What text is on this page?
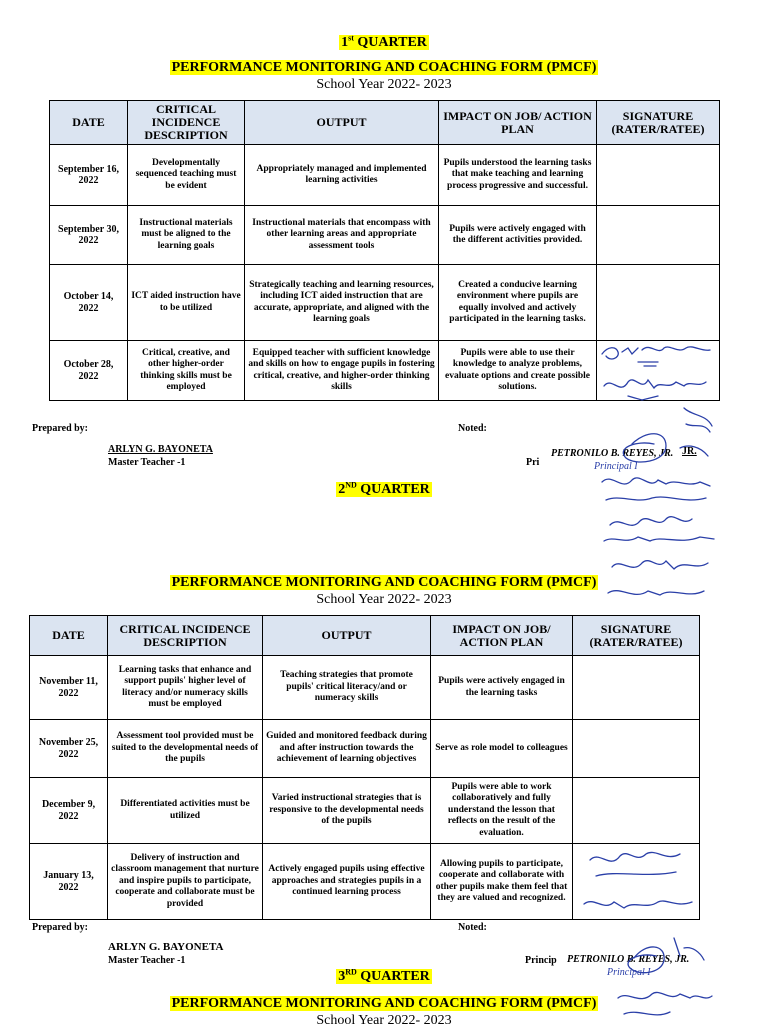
1st QUARTER
PERFORMANCE MONITORING AND COACHING FORM (PMCF)
School Year 2022- 2023
DATE	CRITICAL INCIDENCE DESCRIPTION	OUTPUT	IMPACT ON JOB/ ACTION PLAN	SIGNATURE (RATER/RATEE)
September 16, 2022	Developmentally sequenced teaching must be evident	Appropriately managed and implemented learning activities	Pupils understood the learning tasks that make teaching and learning process progressive and successful.	
September 30, 2022	Instructional materials must be aligned to the learning goals	Instructional materials that encompass with other learning areas and appropriate assessment tools	Pupils were actively engaged with the different activities provided.	
October 14, 2022	ICT aided instruction have to be utilized	Strategically teaching and learning resources, including ICT aided instruction that are accurate, appropriate, and aligned with the learning goals	Created a conducive learning environment where pupils are equally involved and actively participated in the learning tasks.	
October 28, 2022	Critical, creative, and other higher-order thinking skills must be employed	Equipped teacher with sufficient knowledge and skills on how to engage pupils in fostering critical, creative, and higher-order thinking skills	Pupils were able to use their knowledge to analyze problems, evaluate options and create possible solutions.	
Prepared by:	Noted:
ARLYN G. BAYONETA
Master Teacher -1	Pri
PETRONILO B. REYES, JR.
Principal I
JR.
2ND QUARTER
PERFORMANCE MONITORING AND COACHING FORM (PMCF)
School Year 2022- 2023
DATE	CRITICAL INCIDENCE DESCRIPTION	OUTPUT	IMPACT ON JOB/ ACTION PLAN	SIGNATURE (RATER/RATEE)
November 11, 2022	Learning tasks that enhance and support pupils' higher level of literacy and/or numeracy skills must be employed	Teaching strategies that promote pupils' critical literacy/and or numeracy skills	Pupils were actively engaged in the learning tasks	
November 25, 2022	Assessment tool provided must be suited to the developmental needs of the pupils	Guided and monitored feedback during and after instruction towards the achievement of learning objectives	Serve as role model to colleagues	
December 9, 2022	Differentiated activities must be utilized	Varied instructional strategies that is responsive to the developmental needs of the pupils	Pupils were able to work collaboratively and fully understand the lesson that reflects on the result of the evaluation.	
January 13, 2022	Delivery of instruction and classroom management that nurture and inspire pupils to participate, cooperate and collaborate must be provided	Actively engaged pupils using effective approaches and strategies pupils in a continued learning process	Allowing pupils to participate, cooperate and collaborate with other pupils make them feel that they are valued and recognized.	
Prepared by:	Noted:
ARLYN G. BAYONETA
Master Teacher -1	Princip PETRONILO B. REYES, JR.
Principal I
3RD QUARTER
PERFORMANCE MONITORING AND COACHING FORM (PMCF)
School Year 2022- 2023
